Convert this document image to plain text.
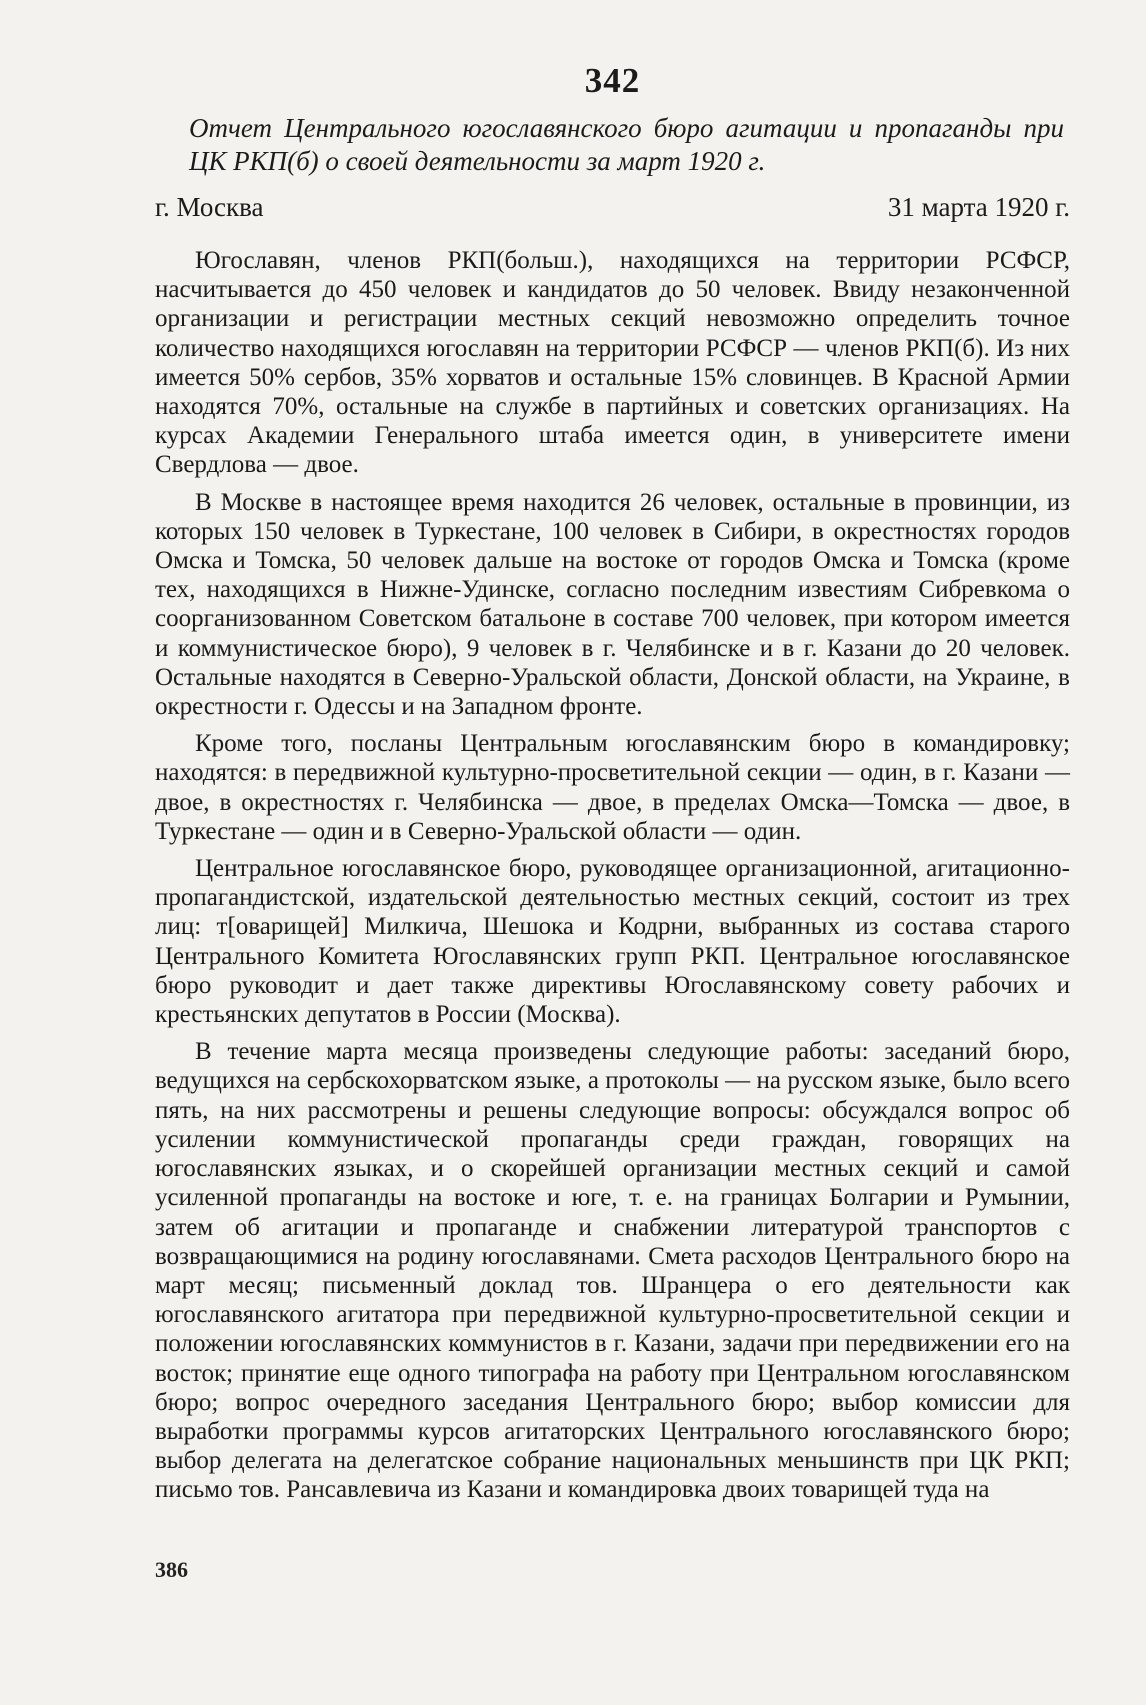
342

Отчет Центрального югославянского бюро агитации и пропаганды при ЦК РКП(б) о своей деятельности за март 1920 г.

г. Москва	31 марта 1920 г.

Югославян, членов РКП(больш.), находящихся на территории РСФСР, насчитывается до 450 человек и кандидатов до 50 человек. Ввиду незаконченной организации и регистрации местных секций невозможно определить точное количество находящихся югославян на территории РСФСР — членов РКП(б). Из них имеется 50% сербов, 35% хорватов и остальные 15% словинцев. В Красной Армии находятся 70%, остальные на службе в партийных и советских организациях. На курсах Академии Генерального штаба имеется один, в университете имени Свердлова — двое.

В Москве в настоящее время находится 26 человек, остальные в провинции, из которых 150 человек в Туркестане, 100 человек в Сибири, в окрестностях городов Омска и Томска, 50 человек дальше на востоке от городов Омска и Томска (кроме тех, находящихся в Нижне-Удинске, согласно последним известиям Сибревкома о соорганизованном Советском батальоне в составе 700 человек, при котором имеется и коммунистическое бюро), 9 человек в г. Челябинске и в г. Казани до 20 человек. Остальные находятся в Северно-Уральской области, Донской области, на Украине, в окрестности г. Одессы и на Западном фронте.

Кроме того, посланы Центральным югославянским бюро в командировку; находятся: в передвижной культурно-просветительной секции — один, в г. Казани — двое, в окрестностях г. Челябинска — двое, в пределах Омска—Томска — двое, в Туркестане — один и в Северно-Уральской области — один.

Центральное югославянское бюро, руководящее организационной, агитационно-пропагандистской, издательской деятельностью местных секций, состоит из трех лиц: т[оварищей] Милкича, Шешока и Кодрни, выбранных из состава старого Центрального Комитета Югославянских групп РКП. Центральное югославянское бюро руководит и дает также директивы Югославянскому совету рабочих и крестьянских депутатов в России (Москва).

В течение марта месяца произведены следующие работы: заседаний бюро, ведущихся на сербскохорватском языке, а протоколы — на русском языке, было всего пять, на них рассмотрены и решены следующие вопросы: обсуждался вопрос об усилении коммунистической пропаганды среди граждан, говорящих на югославянских языках, и о скорейшей организации местных секций и самой усиленной пропаганды на востоке и юге, т. е. на границах Болгарии и Румынии, затем об агитации и пропаганде и снабжении литературой транспортов с возвращающимися на родину югославянами. Смета расходов Центрального бюро на март месяц; письменный доклад тов. Шранцера о его деятельности как югославянского агитатора при передвижной культурно-просветительной секции и положении югославянских коммунистов в г. Казани, задачи при передвижении его на восток; принятие еще одного типографа на работу при Центральном югославянском бюро; вопрос очередного заседания Центрального бюро; выбор комиссии для выработки программы курсов агитаторских Центрального югославянского бюро; выбор делегата на делегатское собрание национальных меньшинств при ЦК РКП; письмо тов. Рансавлевича из Казани и командировка двоих товарищей туда на

386
